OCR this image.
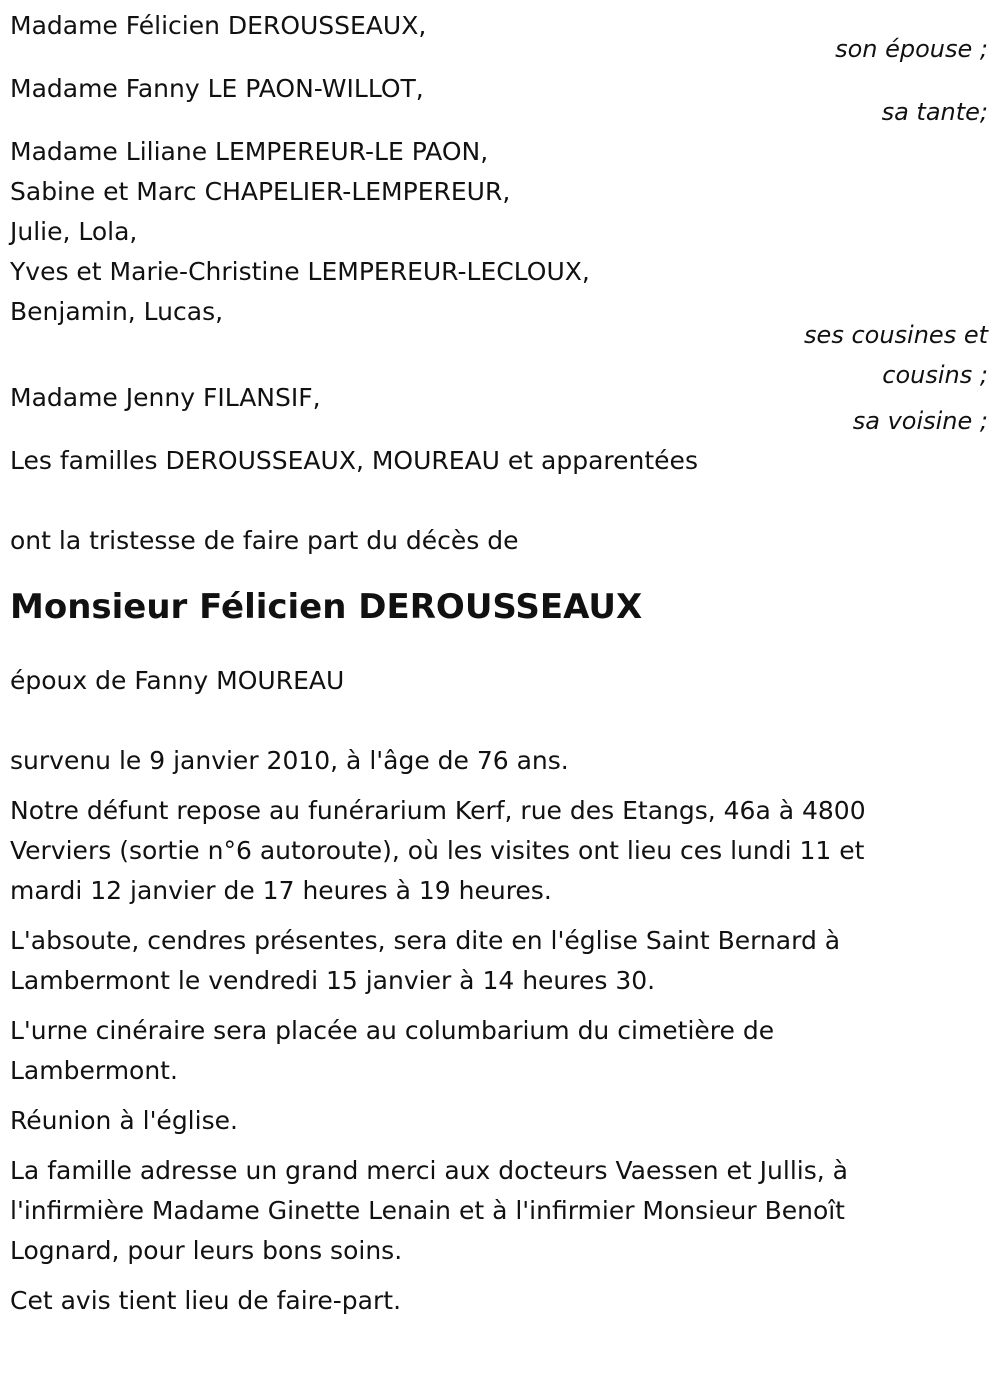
Madame Félicien DEROUSSEAUX,
son épouse ;
Madame Fanny LE PAON-WILLOT,
sa tante;
Madame Liliane LEMPEREUR-LE PAON,
Sabine et Marc CHAPELIER-LEMPEREUR,
Julie, Lola,
Yves et Marie-Christine LEMPEREUR-LECLOUX,
Benjamin, Lucas,
ses cousines et
cousins ;
Madame Jenny FILANSIF,
sa voisine ;
Les familles DEROUSSEAUX, MOUREAU et apparentées
ont la tristesse de faire part du décès de
Monsieur Félicien DEROUSSEAUX
époux de Fanny MOUREAU
survenu le 9 janvier 2010, à l'âge de 76 ans.
Notre défunt repose au funérarium Kerf, rue des Etangs, 46a à 4800
Verviers (sortie n°6 autoroute), où les visites ont lieu ces lundi 11 et
mardi 12 janvier de 17 heures à 19 heures.
L'absoute, cendres présentes, sera dite en l'église Saint Bernard à
Lambermont le vendredi 15 janvier à 14 heures 30.
L'urne cinéraire sera placée au columbarium du cimetière de
Lambermont.
Réunion à l'église.
La famille adresse un grand merci aux docteurs Vaessen et Jullis, à
l'infirmière Madame Ginette Lenain et à l'infirmier Monsieur Benoît
Lognard, pour leurs bons soins.
Cet avis tient lieu de faire-part.
